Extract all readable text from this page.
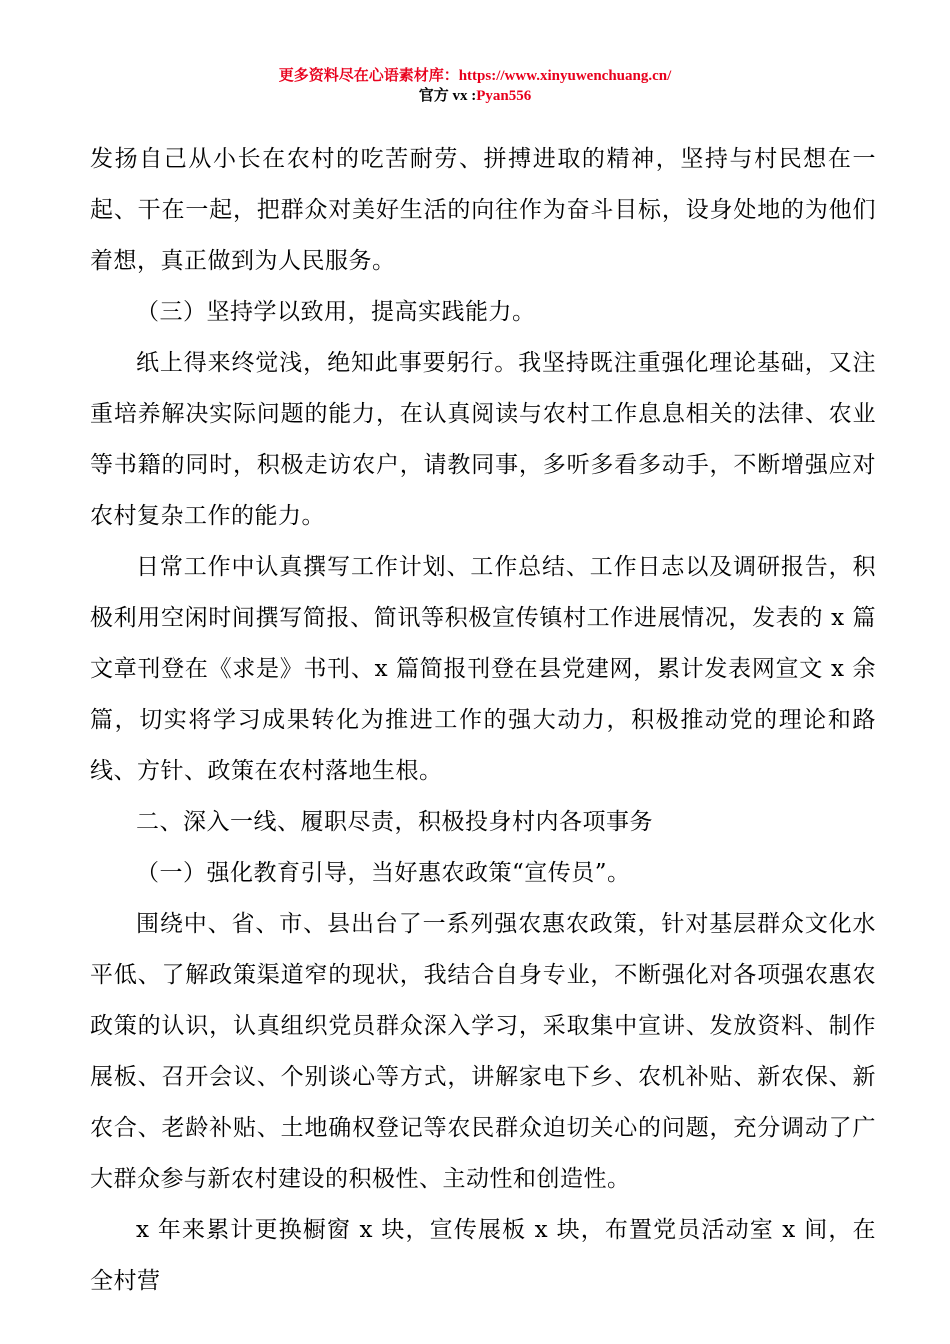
更多资料尽在心语素材库：https://www.xinyuwenchuang.cn/
官方 vx :Pyan556

发扬自己从小长在农村的吃苦耐劳、拼搏进取的精神，坚持与村民想在一起、干在一起，把群众对美好生活的向往作为奋斗目标，设身处地的为他们着想，真正做到为人民服务。

（三）坚持学以致用，提高实践能力。

纸上得来终觉浅，绝知此事要躬行。我坚持既注重强化理论基础，又注重培养解决实际问题的能力，在认真阅读与农村工作息息相关的法律、农业等书籍的同时，积极走访农户，请教同事，多听多看多动手，不断增强应对农村复杂工作的能力。

日常工作中认真撰写工作计划、工作总结、工作日志以及调研报告，积极利用空闲时间撰写简报、简讯等积极宣传镇村工作进展情况，发表的 x 篇文章刊登在《求是》书刊、x 篇简报刊登在县党建网，累计发表网宣文 x 余篇，切实将学习成果转化为推进工作的强大动力，积极推动党的理论和路线、方针、政策在农村落地生根。

二、深入一线、履职尽责，积极投身村内各项事务

（一）强化教育引导，当好惠农政策“宣传员”。

围绕中、省、市、县出台了一系列强农惠农政策，针对基层群众文化水平低、了解政策渠道窄的现状，我结合自身专业，不断强化对各项强农惠农政策的认识，认真组织党员群众深入学习，采取集中宣讲、发放资料、制作展板、召开会议、个别谈心等方式，讲解家电下乡、农机补贴、新农保、新农合、老龄补贴、土地确权登记等农民群众迫切关心的问题，充分调动了广大群众参与新农村建设的积极性、主动性和创造性。

x 年来累计更换橱窗 x 块，宣传展板 x 块，布置党员活动室 x 间，在全村营
